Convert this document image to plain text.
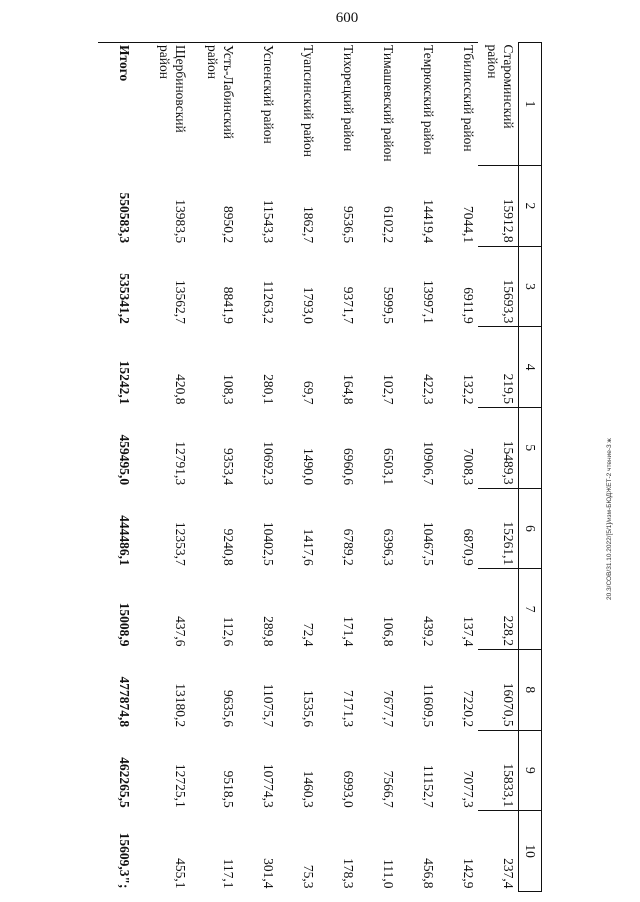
600
1	2	3	4	5	6	7	8	9	10
Староминский район	15912,8	15693,3	219,5	15489,3	15261,1	228,2	16070,5	15833,1	237,4
Тбилисский район	7044,1	6911,9	132,2	7008,3	6870,9	137,4	7220,2	7077,3	142,9
Темрюкский район	14419,4	13997,1	422,3	10906,7	10467,5	439,2	11609,5	11152,7	456,8
Тимашевский район	6102,2	5999,5	102,7	6503,1	6396,3	106,8	7677,7	7566,7	111,0
Тихорецкий район	9536,5	9371,7	164,8	6960,6	6789,2	171,4	7171,3	6993,0	178,3
Туапсинский район	1862,7	1793,0	69,7	1490,0	1417,6	72,4	1535,6	1460,3	75,3
Успенский район	11543,3	11263,2	280,1	10692,3	10402,5	289,8	11075,7	10774,3	301,4
Усть-Лабинский район	8950,2	8841,9	108,3	9353,4	9240,8	112,6	9635,6	9518,5	117,1
Щербиновский район	13983,5	13562,7	420,8	12791,3	12353,7	437,6	13180,2	12725,1	455,1
Итого	550583,3	535341,2	15242,1	459495,0	444486,1	15008,9	477874,8	462265,5	15609,3";
20.3/СОВ/31.10.2022/[5/1]/изм-БЮДЖЕТ-2 чтение-3 ж
